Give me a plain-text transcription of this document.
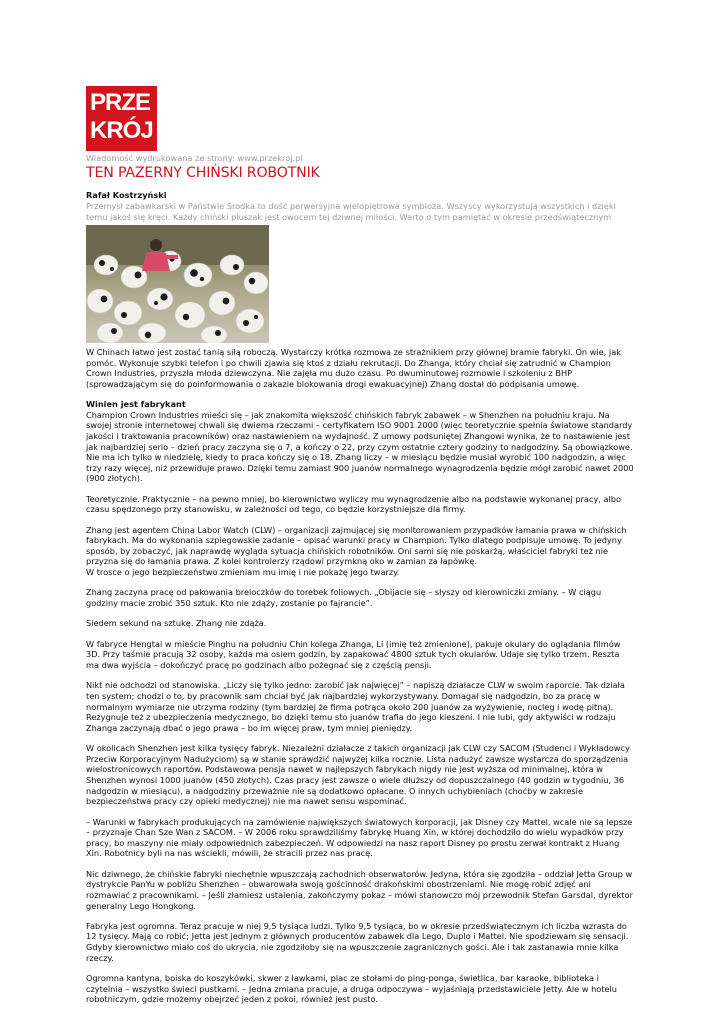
PRZE
KRÓJ
Wiadomość wydrukowana ze strony: www.przekroj.pl
TEN PAZERNY CHIŃSKI ROBOTNIK
Rafał Kostrzyński
Przemysł zabawkarski w Państwie Środka to dość perwersyjna wielopiętrowa symbioza. Wszyscy wykorzystują wszystkich i dzięki temu jakoś się kręci. Każdy chiński pluszak jest owocem tej dziwnej miłości. Warto o tym pamiętać w okresie przedświątecznym

W Chinach łatwo jest zostać tanią siłą roboczą. Wystarczy krótka rozmowa ze strażnikiem przy głównej bramie fabryki. On wie, jak pomóc. Wykonuje szybki telefon i po chwili zjawia się ktoś z działu rekrutacji. Do Zhanga, który chciał się zatrudnić w Champion Crown Industries, przyszła młoda dziewczyna. Nie zajęła mu dużo czasu. Po dwuminutowej rozmowie i szkoleniu z BHP (sprowadzającym się do poinformowania o zakazie blokowania drogi ewakuacyjnej) Zhang dostał do podpisania umowę.

Winien jest fabrykant

Champion Crown Industries mieści się – jak znakomita większość chińskich fabryk zabawek – w Shenzhen na południu kraju. Na swojej stronie internetowej chwali się dwiema rzeczami – certyfikatem ISO 9001 2000 (więc teoretycznie spełnia światowe standardy jakości i traktowania pracowników) oraz nastawieniem na wydajność. Z umowy podsuniętej Zhangowi wynika, że to nastawienie jest jak najbardziej serio – dzień pracy zaczyna się o 7, a kończy o 22, przy czym ostatnie cztery godziny to nadgodziny. Są obowiązkowe. Nie ma ich tylko w niedzielę, kiedy to praca kończy się o 18. Zhang liczy – w miesiącu będzie musiał wyrobić 100 nadgodzin, a więc trzy razy więcej, niż przewiduje prawo. Dzięki temu zamiast 900 juanów normalnego wynagrodzenia będzie mógł zarobić nawet 2000 (900 złotych).

Teoretycznie. Praktycznie – na pewno mniej, bo kierownictwo wyliczy mu wynagrodzenie albo na podstawie wykonanej pracy, albo czasu spędzonego przy stanowisku, w zależności od tego, co będzie korzystniejsze dla firmy.

Zhang jest agentem China Labor Watch (CLW) – organizacji zajmującej się monitorowaniem przypadków łamania prawa w chińskich fabrykach. Ma do wykonania szpiegowskie zadanie – opisać warunki pracy w Champion. Tylko dlatego podpisuje umowę. To jedyny sposób, by zobaczyć, jak naprawdę wygląda sytuacja chińskich robotników. Oni sami się nie poskarżą, właściciel fabryki też nie przyzna się do łamania prawa. Z kolei kontrolerzy rządowi przymkną oko w zamian za łapówkę.
W trosce o jego bezpieczeństwo zmieniam mu imię i nie pokażę jego twarzy.

Zhang zaczyna pracę od pakowania breloczków do torebek foliowych. „Obijacie się – słyszy od kierowniczki zmiany. – W ciągu godziny macie zrobić 350 sztuk. Kto nie zdąży, zostanie po fajrancie”.

Siedem sekund na sztukę. Zhang nie zdąża.

W fabryce Hengtai w mieście Pinghu na południu Chin kolega Zhanga, Li (imię też zmienione), pakuje okulary do oglądania filmów 3D. Przy taśmie pracują 32 osoby, każda ma osiem godzin, by zapakować 4800 sztuk tych okularów. Udaje się tylko trzem. Reszta ma dwa wyjścia – dokończyć pracę po godzinach albo pożegnać się z częścią pensji.

Nikt nie odchodzi od stanowiska. „Liczy się tylko jedno: zarobić jak najwięcej” – napiszą działacze CLW w swoim raporcie. Tak działa ten system; chodzi o to, by pracownik sam chciał być jak najbardziej wykorzystywany. Domagał się nadgodzin, bo za pracę w normalnym wymiarze nie utrzyma rodziny (tym bardziej że firma potrąca około 200 juanów za wyżywienie, nocleg i wodę pitną). Rezygnuje też z ubezpieczenia medycznego, bo dzięki temu sto juanów trafia do jego kieszeni. I nie lubi, gdy aktywiści w rodzaju Zhanga zaczynają dbać o jego prawa – bo im więcej praw, tym mniej pieniędzy.

W okolicach Shenzhen jest kilka tysięcy fabryk. Niezależni działacze z takich organizacji jak CLW czy SACOM (Studenci i Wykładowcy Przeciw Korporacyjnym Nadużyciom) są w stanie sprawdzić najwyżej kilka rocznie. Lista nadużyć zawsze wystarcza do sporządzenia wielostronicowych raportów. Podstawowa pensja nawet w najlepszych fabrykach nigdy nie jest wyższa od minimalnej, która w Shenzhen wynosi 1000 juanów (450 złotych). Czas pracy jest zawsze o wiele dłuższy od dopuszczalnego (40 godzin w tygodniu, 36 nadgodzin w miesiącu), a nadgodziny przeważnie nie są dodatkowo opłacane. O innych uchybieniach (choćby w zakresie bezpieczeństwa pracy czy opieki medycznej) nie ma nawet sensu wspominać.

– Warunki w fabrykach produkujących na zamówienie największych światowych korporacji, jak Disney czy Mattel, wcale nie są lepsze – przyznaje Chan Sze Wan z SACOM. – W 2006 roku sprawdziliśmy fabrykę Huang Xin, w której dochodziło do wielu wypadków przy pracy, bo maszyny nie miały odpowiednich zabezpieczeń. W odpowiedzi na nasz raport Disney po prostu zerwał kontrakt z Huang Xin. Robotnicy byli na nas wściekli, mówili, że stracili przez nas pracę.

Nic dziwnego, że chińskie fabryki niechętnie wpuszczają zachodnich obserwatorów. Jedyna, która się zgodziła – oddział Jetta Group w dystrykcie PanYu w pobliżu Shenzhen – obwarowała swoją gościnność drakońskimi obostrzeniami. Nie mogę robić zdjęć ani rozmawiać z pracownikami. – Jeśli złamiesz ustalenia, zakończymy pokaz – mówi stanowczo mój przewodnik Stefan Garsdal, dyrektor generalny Lego Hongkong.

Fabryka jest ogromna. Teraz pracuje w niej 9,5 tysiąca ludzi. Tylko 9,5 tysiąca, bo w okresie przedświątecznym ich liczba wzrasta do 12 tysięcy. Mają co robić; Jetta jest jednym z głównych producentów zabawek dla Lego, Duplo i Mattel. Nie spodziewam się sensacji. Gdyby kierownictwo miało coś do ukrycia, nie zgodziłoby się na wpuszczenie zagranicznych gości. Ale i tak zastanawia mnie kilka rzeczy.

Ogromna kantyna, boiska do koszykówki, skwer z ławkami, plac ze stołami do ping-ponga, świetlica, bar karaoke, biblioteka i czytelnia – wszystko świeci pustkami. – Jedna zmiana pracuje, a druga odpoczywa – wyjaśniają przedstawiciele Jetty. Ale w hotelu robotniczym, gdzie możemy obejrzeć jeden z pokoi, również jest pusto.
